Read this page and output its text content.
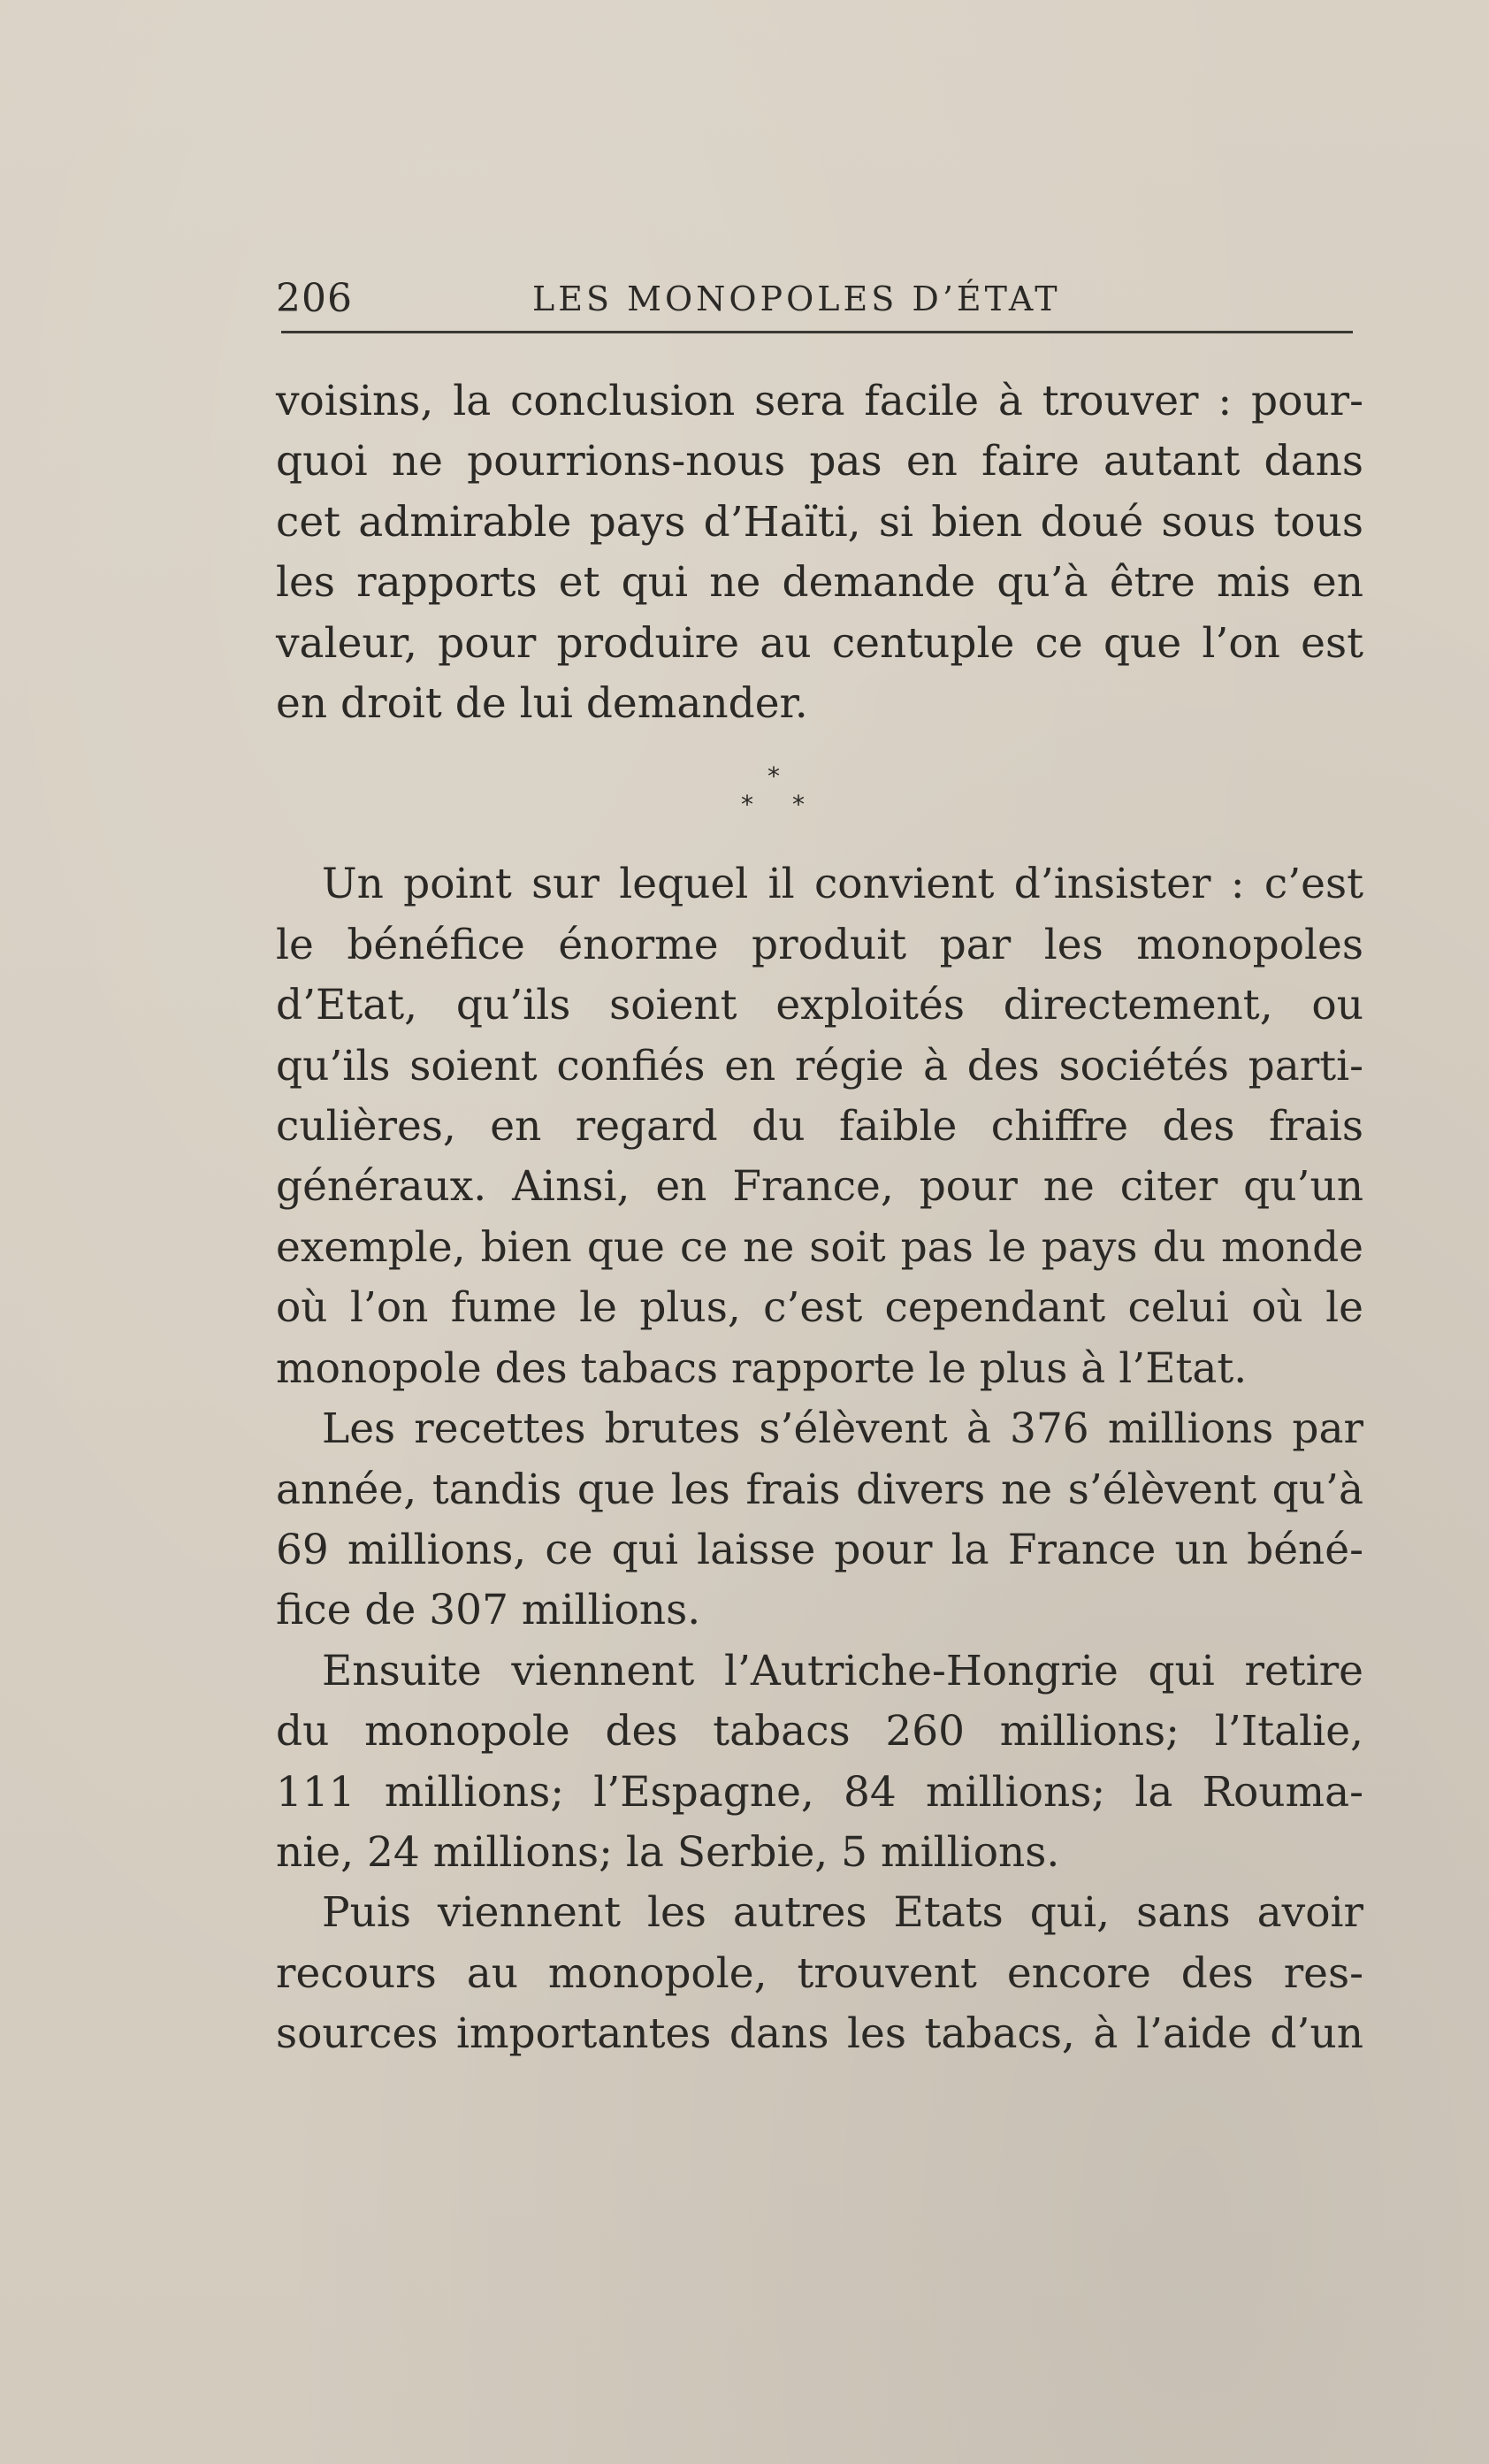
206	LES MONOPOLES D’ÉTAT
voisins, la conclusion sera facile à trouver : pour-
quoi ne pourrions-nous pas en faire autant dans
cet admirable pays d’Haïti, si bien doué sous tous
les rapports et qui ne demande qu’à être mis en
valeur, pour produire au centuple ce que l’on est
en droit de lui demander.
*
* *
Un point sur lequel il convient d’insister : c’est
le bénéfice énorme produit par les monopoles
d’Etat, qu’ils soient exploités directement, ou
qu’ils soient confiés en régie à des sociétés parti-
culières, en regard du faible chiffre des frais
généraux. Ainsi, en France, pour ne citer qu’un
exemple, bien que ce ne soit pas le pays du monde
où l’on fume le plus, c’est cependant celui où le
monopole des tabacs rapporte le plus à l’Etat.
Les recettes brutes s’élèvent à 376 millions par
année, tandis que les frais divers ne s’élèvent qu’à
69 millions, ce qui laisse pour la France un béné-
fice de 307 millions.
Ensuite viennent l’Autriche-Hongrie qui retire
du monopole des tabacs 260 millions; l’Italie,
111 millions; l’Espagne, 84 millions; la Rouma-
nie, 24 millions; la Serbie, 5 millions.
Puis viennent les autres Etats qui, sans avoir
recours au monopole, trouvent encore des res-
sources importantes dans les tabacs, à l’aide d’un
